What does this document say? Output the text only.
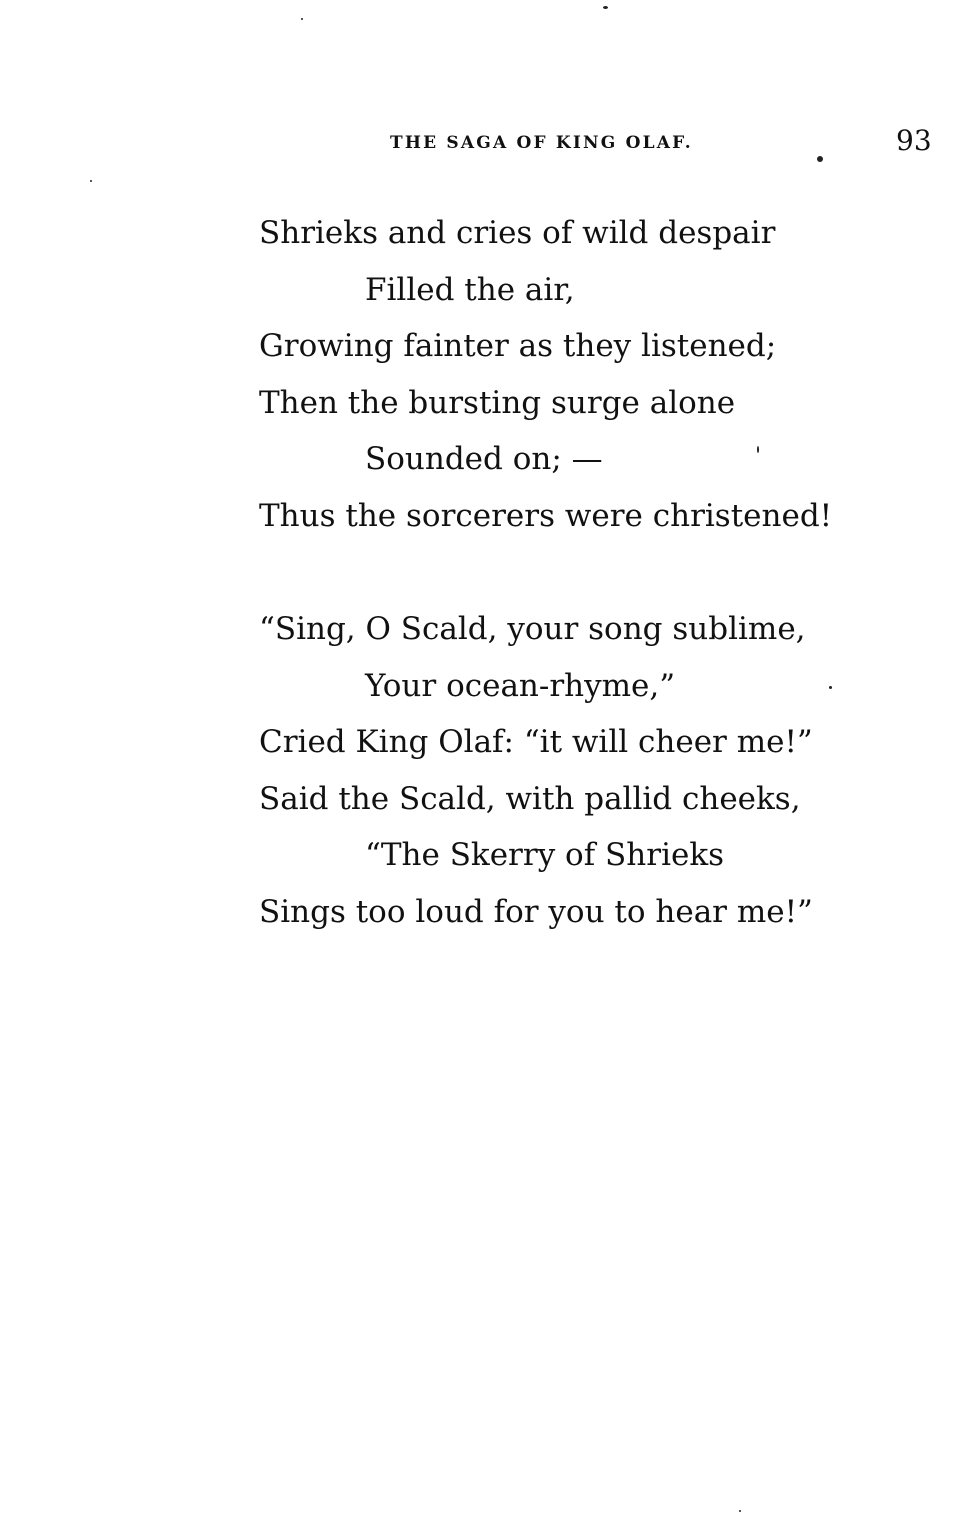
THE SAGA OF KING OLAF.	93
Shrieks and cries of wild despair
Filled the air,
Growing fainter as they listened;
Then the bursting surge alone
Sounded on; —
Thus the sorcerers were christened!
“Sing, O Scald, your song sublime,
Your ocean-rhyme,”
Cried King Olaf: “it will cheer me!”
Said the Scald, with pallid cheeks,
“The Skerry of Shrieks
Sings too loud for you to hear me!”
